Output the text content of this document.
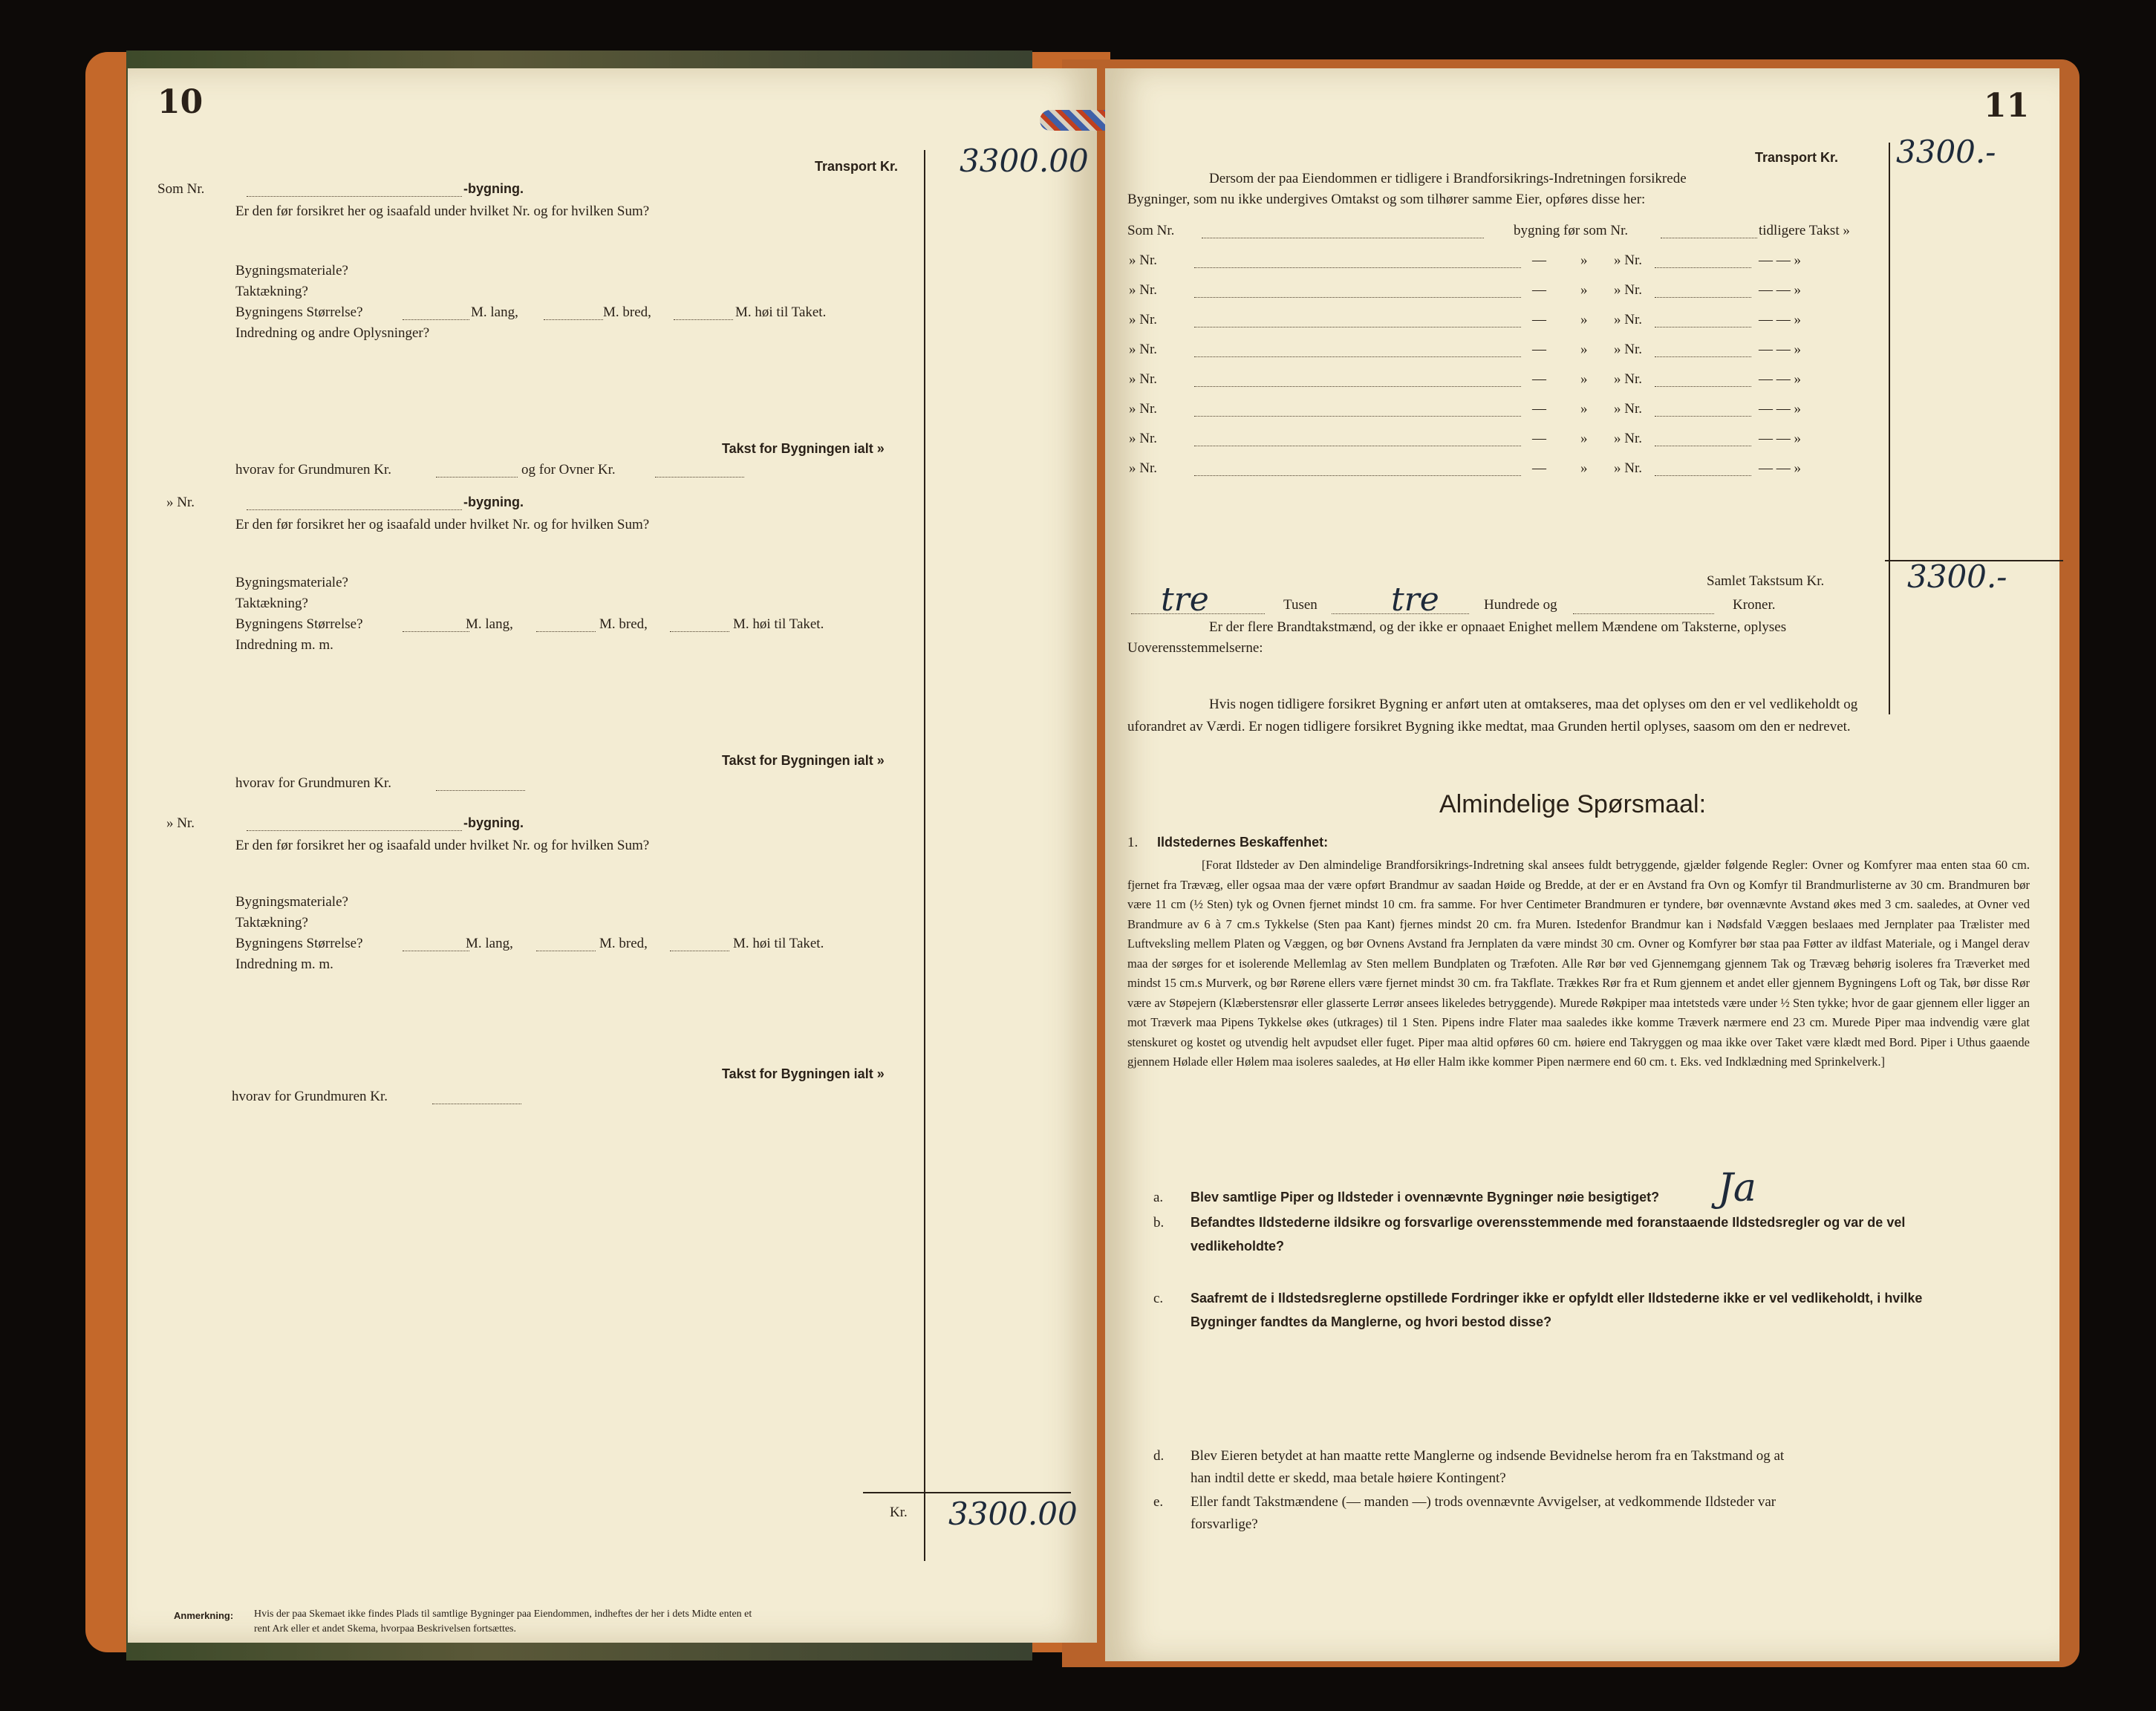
10
Transport Kr. 3300.00
Som Nr.	-bygning.
Er den før forsikret her og isaafald under hvilket Nr. og for hvilken Sum?
Bygningsmateriale?
Taktækning?
Bygningens Størrelse?	M. lang,	M. bred,	M. høi til Taket.
Indredning og andre Oplysninger?
Takst for Bygningen ialt »
hvorav for Grundmuren Kr.	og for Ovner Kr.
» Nr.	-bygning.
Er den før forsikret her og isaafald under hvilket Nr. og for hvilken Sum?
Bygningsmateriale?
Taktækning?
Bygningens Størrelse?	M. lang,	M. bred,	M. høi til Taket.
Indredning m. m.
Takst for Bygningen ialt »
hvorav for Grundmuren Kr.
» Nr.	-bygning.
Er den før forsikret her og isaafald under hvilket Nr. og for hvilken Sum?
Bygningsmateriale?
Taktækning?
Bygningens Størrelse?	M. lang,	M. bred,	M. høi til Taket.
Indredning m. m.
Takst for Bygningen ialt »
hvorav for Grundmuren Kr.
Kr. 3300.00
Anmerkning: Hvis der paa Skemaet ikke findes Plads til samtlige Bygninger paa Eiendommen, indheftes der her i dets Midte enten et
rent Ark eller et andet Skema, hvorpaa Beskrivelsen fortsættes.
11
Transport Kr. 3300.-
Dersom der paa Eiendommen er tidligere i Brandforsikrings-Indretningen forsikrede
Bygninger, som nu ikke undergives Omtakst og som tilhører samme Eier, opføres disse her:
Som Nr.	bygning før som Nr.	tidligere Takst »
» Nr.	— » » Nr.	— — »
» Nr.	— » » Nr.	— — »
» Nr.	— » » Nr.	— — »
» Nr.	— » » Nr.	— — »
» Nr.	— » » Nr.	— — »
» Nr.	— » » Nr.	— — »
» Nr.	— » » Nr.	— — »
» Nr.	— » » Nr.	— — »
Samlet Takstsum Kr.	3300.-
tre	Tusen tre	Hundrede og	Kroner.
Er der flere Brandtakstmænd, og der ikke er opnaaet Enighet mellem Mændene om Taksterne, oplyses
Uoverensstemmelserne:
Hvis nogen tidligere forsikret Bygning er anført uten at omtakseres, maa det oplyses om den er vel vedlikeholdt og
uforandret av Værdi. Er nogen tidligere forsikret Bygning ikke medtat, maa Grunden hertil oplyses, saasom om den er nedrevet.
Almindelige Spørsmaal:
1. Ildstedernes Beskaffenhet:
[Forat Ildsteder av Den almindelige Brandforsikrings-Indretning skal ansees fuldt betryggende, gjælder følgende Regler: Ovner og Komfyrer maa enten staa 60 cm. fjernet fra Trævæg, eller ogsaa maa der være opført Brandmur av saadan Høide og Bredde, at der er en Avstand fra Ovn og Komfyr til Brandmurlisterne av 30 cm. Brandmuren bør være 11 cm (½ Sten) tyk og Ovnen fjernet mindst 10 cm. fra samme. For hver Centimeter Brandmuren er tyndere, bør ovennævnte Avstand økes med 3 cm. saaledes, at Ovner ved Brandmure av 6 à 7 cm.s Tykkelse (Sten paa Kant) fjernes mindst 20 cm. fra Muren. Istedenfor Brandmur kan i Nødsfald Væggen beslaaes med Jernplater paa Trælister med Luftveksling mellem Platen og Væggen, og bør Ovnens Avstand fra Jernplaten da være mindst 30 cm. Ovner og Komfyrer bør staa paa Føtter av ildfast Materiale, og i Mangel derav maa der sørges for et isolerende Mellemlag av Sten mellem Bundplaten og Træfoten. Alle Rør bør ved Gjennemgang gjennem Tak og Trævæg behørig isoleres fra Træverket med mindst 15 cm.s Murverk, og bør Rørene ellers være fjernet mindst 30 cm. fra Takflate. Trækkes Rør fra et Rum gjennem et andet eller gjennem Bygningens Loft og Tak, bør disse Rør være av Støpejern (Klæberstensrør eller glasserte Lerrør ansees likeledes betryggende). Murede Røkpiper maa intetsteds være under ½ Sten tykke; hvor de gaar gjennem eller ligger an mot Træverk maa Pipens Tykkelse økes (utkrages) til 1 Sten. Pipens indre Flater maa saaledes ikke komme Træverk nærmere end 23 cm. Murede Piper maa indvendig være glat stenskuret og kostet og utvendig helt avpudset eller fuget. Piper maa altid opføres 60 cm. høiere end Takryggen og maa ikke over Taket være klædt med Bord. Piper i Uthus gaaende gjennem Hølade eller Hølem maa isoleres saaledes, at Hø eller Halm ikke kommer Pipen nærmere end 60 cm. t. Eks. ved Indklædning med Sprinkelverk.]
a. Blev samtlige Piper og Ildsteder i ovennævnte Bygninger nøie besigtiget? Ja
b. Befandtes Ildstederne ildsikre og forsvarlige overensstemmende med foranstaaende Ildstedsregler og var de vel
vedlikeholdte?
c. Saafremt de i Ildstedsreglerne opstillede Fordringer ikke er opfyldt eller Ildstederne ikke er vel vedlikeholdt, i hvilke
Bygninger fandtes da Manglerne, og hvori bestod disse?
d. Blev Eieren betydet at han maatte rette Manglerne og indsende Bevidnelse herom fra en Takstmand og at
han indtil dette er skedd, maa betale høiere Kontingent?
e. Eller fandt Takstmændene (— manden —) trods ovennævnte Avvigelser, at vedkommende Ildsteder var
forsvarlige?
